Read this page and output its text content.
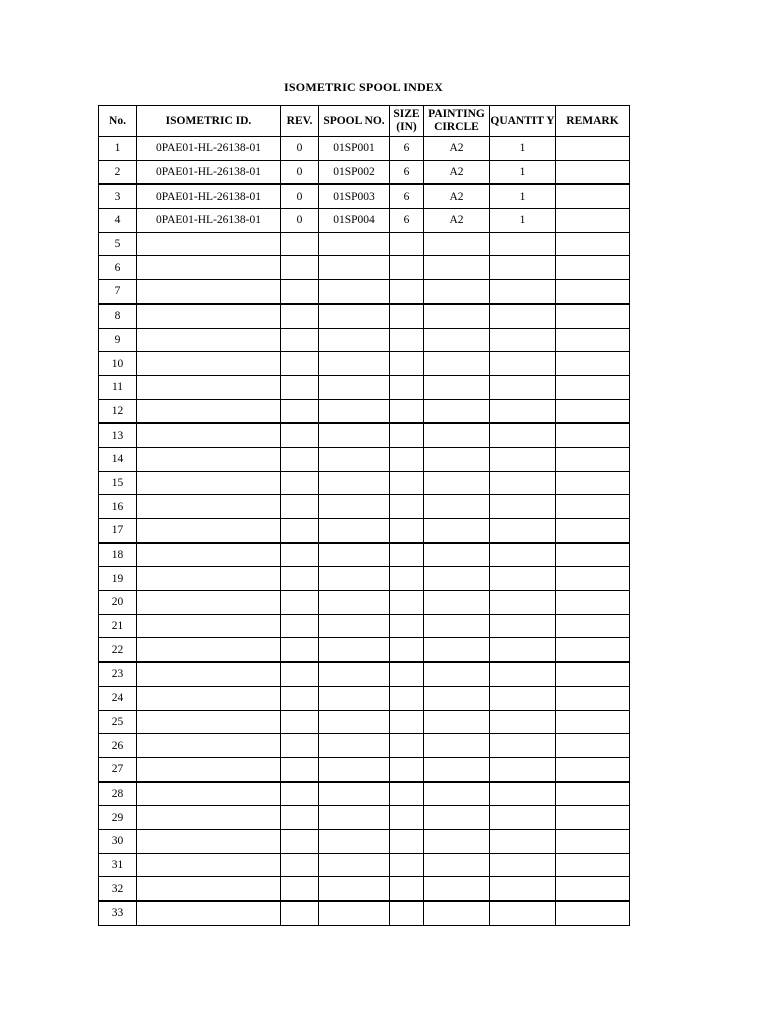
ISOMETRIC SPOOL INDEX
No.	ISOMETRIC ID.	REV.	SPOOL NO.	SIZE (IN)	PAINTING CIRCLE	QUANTIT Y	REMARK
1	0PAE01-HL-26138-01	0	01SP001	6	A2	1	
2	0PAE01-HL-26138-01	0	01SP002	6	A2	1	
3	0PAE01-HL-26138-01	0	01SP003	6	A2	1	
4	0PAE01-HL-26138-01	0	01SP004	6	A2	1	
5							
6							
7							
8							
9							
10							
11							
12							
13							
14							
15							
16							
17							
18							
19							
20							
21							
22							
23							
24							
25							
26							
27							
28							
29							
30							
31							
32							
33							
